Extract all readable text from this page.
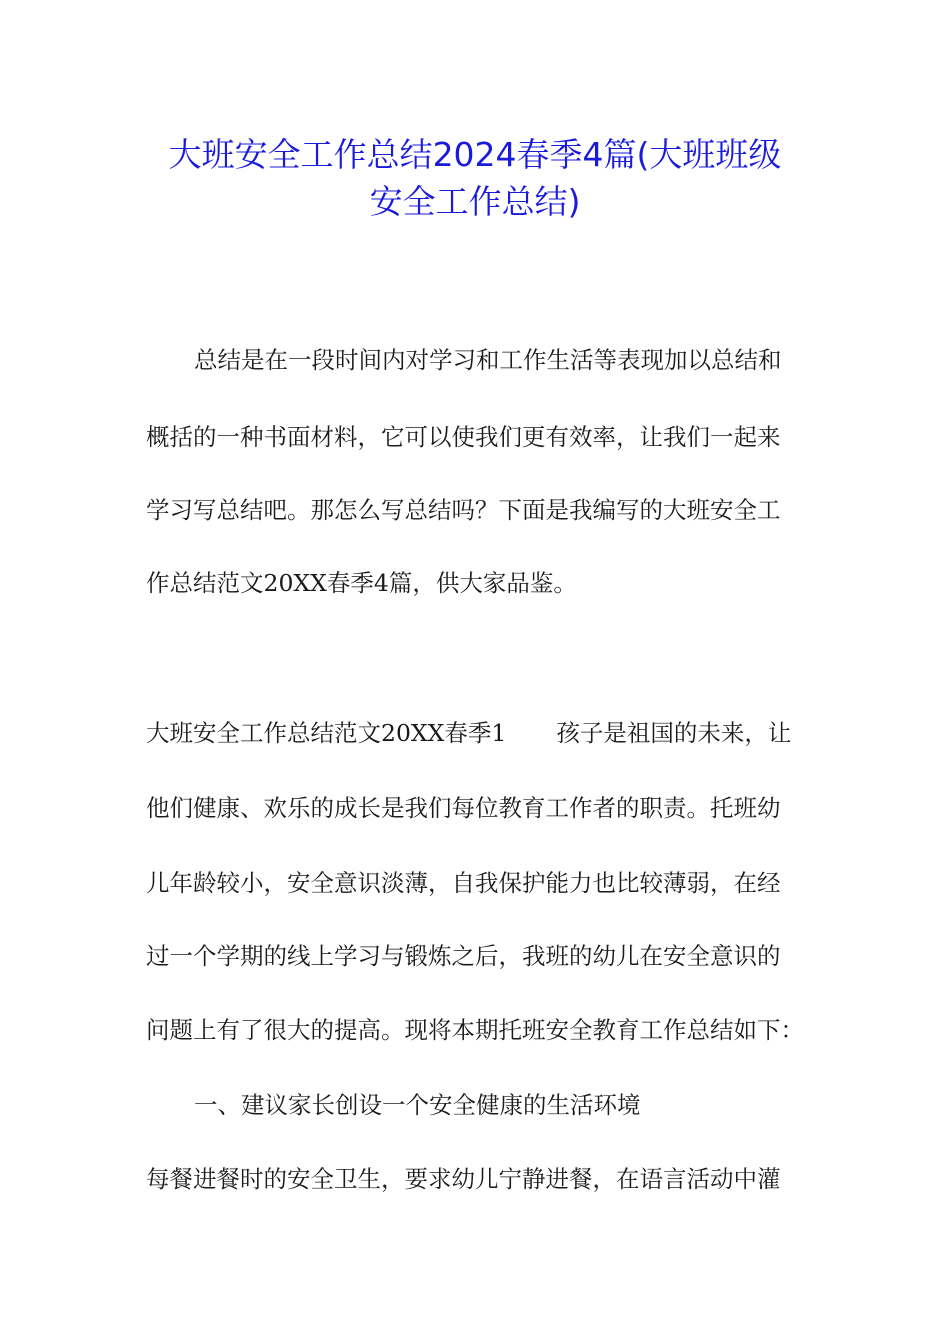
大班安全工作总结2024春季4篇(大班班级
安全工作总结)
总结是在一段时间内对学习和工作生活等表现加以总结和
概括的一种书面材料，它可以使我们更有效率，让我们一起来
学习写总结吧。那怎么写总结吗？下面是我编写的大班安全工
作总结范文20XX春季4篇，供大家品鉴。
大班安全工作总结范文20XX春季1 孩子是祖国的未来，让
他们健康、欢乐的成长是我们每位教育工作者的职责。托班幼
儿年龄较小，安全意识淡薄，自我保护能力也比较薄弱，在经
过一个学期的线上学习与锻炼之后，我班的幼儿在安全意识的
问题上有了很大的提高。现将本期托班安全教育工作总结如下：
一、建议家长创设一个安全健康的生活环境
每餐进餐时的安全卫生，要求幼儿宁静进餐，在语言活动中灌
